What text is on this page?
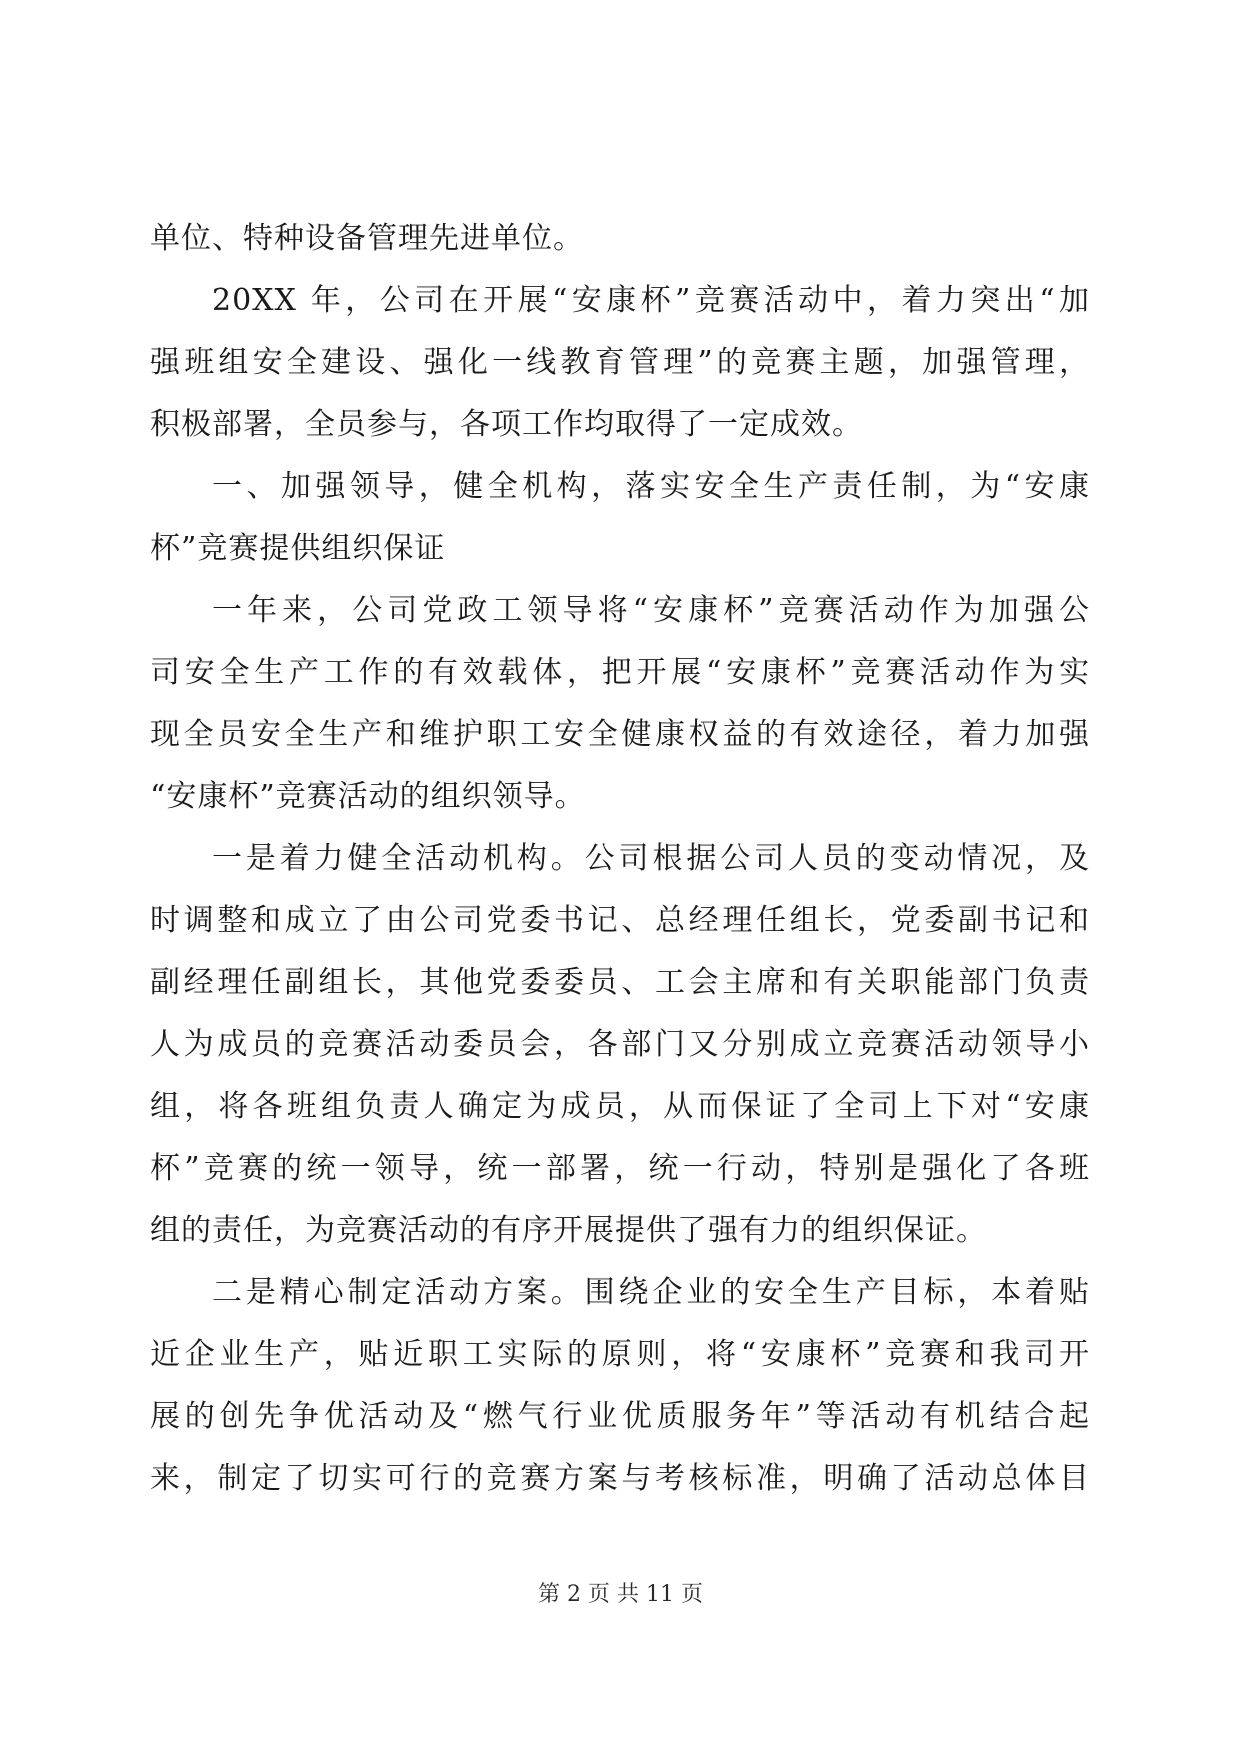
单位、特种设备管理先进单位。
20XX 年，公司在开展“安康杯”竞赛活动中，着力突出“加
强班组安全建设、强化一线教育管理”的竞赛主题，加强管理，
积极部署，全员参与，各项工作均取得了一定成效。
一、加强领导，健全机构，落实安全生产责任制，为“安康
杯”竞赛提供组织保证
一年来，公司党政工领导将“安康杯”竞赛活动作为加强公
司安全生产工作的有效载体，把开展“安康杯”竞赛活动作为实
现全员安全生产和维护职工安全健康权益的有效途径，着力加强
“安康杯”竞赛活动的组织领导。
一是着力健全活动机构。公司根据公司人员的变动情况，及
时调整和成立了由公司党委书记、总经理任组长，党委副书记和
副经理任副组长，其他党委委员、工会主席和有关职能部门负责
人为成员的竞赛活动委员会，各部门又分别成立竞赛活动领导小
组，将各班组负责人确定为成员，从而保证了全司上下对“安康
杯”竞赛的统一领导，统一部署，统一行动，特别是强化了各班
组的责任，为竞赛活动的有序开展提供了强有力的组织保证。
二是精心制定活动方案。围绕企业的安全生产目标，本着贴
近企业生产，贴近职工实际的原则，将“安康杯”竞赛和我司开
展的创先争优活动及“燃气行业优质服务年”等活动有机结合起
来，制定了切实可行的竞赛方案与考核标准，明确了活动总体目
第 2 页 共 11 页
